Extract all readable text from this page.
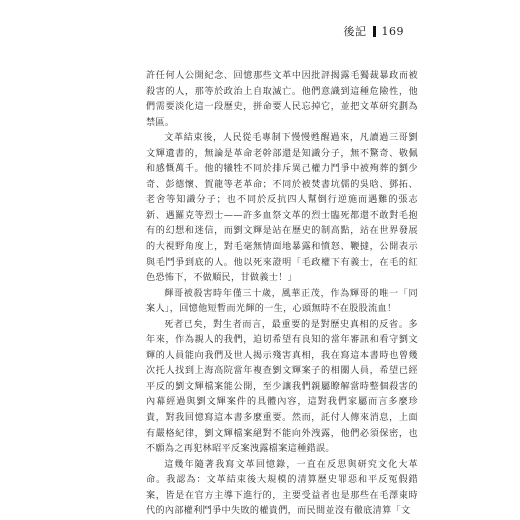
後記 169

許任何人公開紀念、回憶那些文革中因批評揭露毛獨裁暴政而被殺害的人，那等於政治上自取滅亡。他們意識到這種危險性，他們需要淡化這一段歷史，拼命要人民忘掉它，並把文革研究劃為禁區。

文革結束後，人民從毛專制下慢慢甦醒過來，凡讀過三哥劉文輝遺書的，無論是革命老幹部還是知識分子，無不驚奇、敬佩和感慨萬千。他的犧牲不同於排斥異己權力鬥爭中被殉葬的劉少奇、彭德懷、賀龍等老革命；不同於被焚書坑儒的吳晗、鄧拓、老舍等知識分子；也不同於反抗四人幫倒行逆施而遇難的張志新、遇羅克等烈士——許多血祭文革的烈士臨死都還不敢對毛抱有的幻想和迷信，而劉文輝是站在歷史的制高點，站在世界發展的大視野角度上，對毛毫無情面地暴露和憤怒、鞭撻，公開表示與毛鬥爭到底的人。他以死來證明「毛政權下有義士，在毛的紅色恐怖下，不做順民，甘做義士！」

輝哥被殺害時年僅三十歲，風華正茂，作為輝哥的唯一「同案人」，回憶他短暫而光輝的一生，心頭無時不在股股流血！

死者已矣，對生者而言，最重要的是對歷史真相的反省。多年來，作為親人的我們，迫切希望有良知的當年審訊和看守劉文輝的人員能向我們及世人揭示殘害真相，我在寫這本書時也曾幾次托人找到上海高院當年複查劉文輝案子的相關人員，希望已經平反的劉文輝檔案能公開，至少讓我們親屬瞭解當時整個殺害的內幕經過與劉文輝案件的具體內容，這對我們家屬而言多麼珍貴，對我回憶寫這本書多麼重要。然而，託付人傳來消息，上面有嚴格紀律，劉文輝檔案絕對不能向外洩露，他們必須保密，也不願為之再犯林昭平反案洩露檔案這種錯誤。

這幾年隨著我寫文革回憶錄，一直在反思與研究文化大革命。我認為：文革結束後大規模的清算歷史罪惡和平反冤假錯案，皆是在官方主導下進行的，主要受益者也是那些在毛澤東時代的內部權利鬥爭中失敗的權貴們，而民間並沒有徹底清算「文
